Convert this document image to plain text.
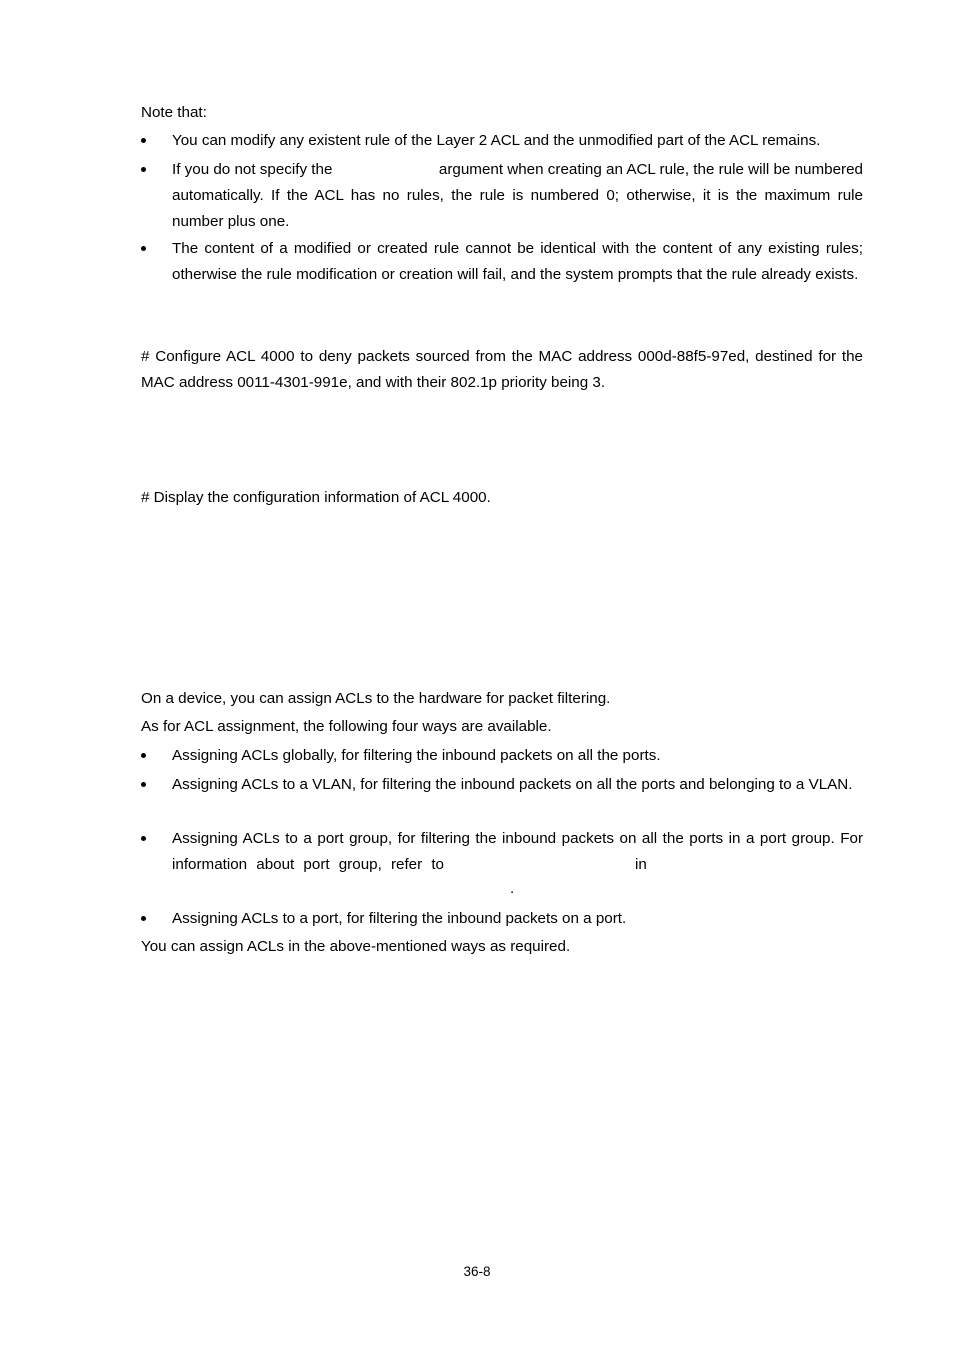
Note that:

You can modify any existent rule of the Layer 2 ACL and the unmodified part of the ACL remains.
If you do not specify the	argument when creating an ACL rule, the rule will be numbered
automatically. If the ACL has no rules, the rule is numbered 0; otherwise, it is the maximum rule number plus one.
The content of a modified or created rule cannot be identical with the content of any existing rules; otherwise the rule modification or creation will fail, and the system prompts that the rule already exists.

# Configure ACL 4000 to deny packets sourced from the MAC address 000d-88f5-97ed, destined for the MAC address 0011-4301-991e, and with their 802.1p priority being 3.

# Display the configuration information of ACL 4000.

On a device, you can assign ACLs to the hardware for packet filtering.

As for ACL assignment, the following four ways are available.

Assigning ACLs globally, for filtering the inbound packets on all the ports.
Assigning ACLs to a VLAN, for filtering the inbound packets on all the ports and belonging to a VLAN.
Assigning ACLs to a port group, for filtering the inbound packets on all the ports in a port group. For
information about port group, refer to	in
.
Assigning ACLs to a port, for filtering the inbound packets on a port.

You can assign ACLs in the above-mentioned ways as required.

36-8
